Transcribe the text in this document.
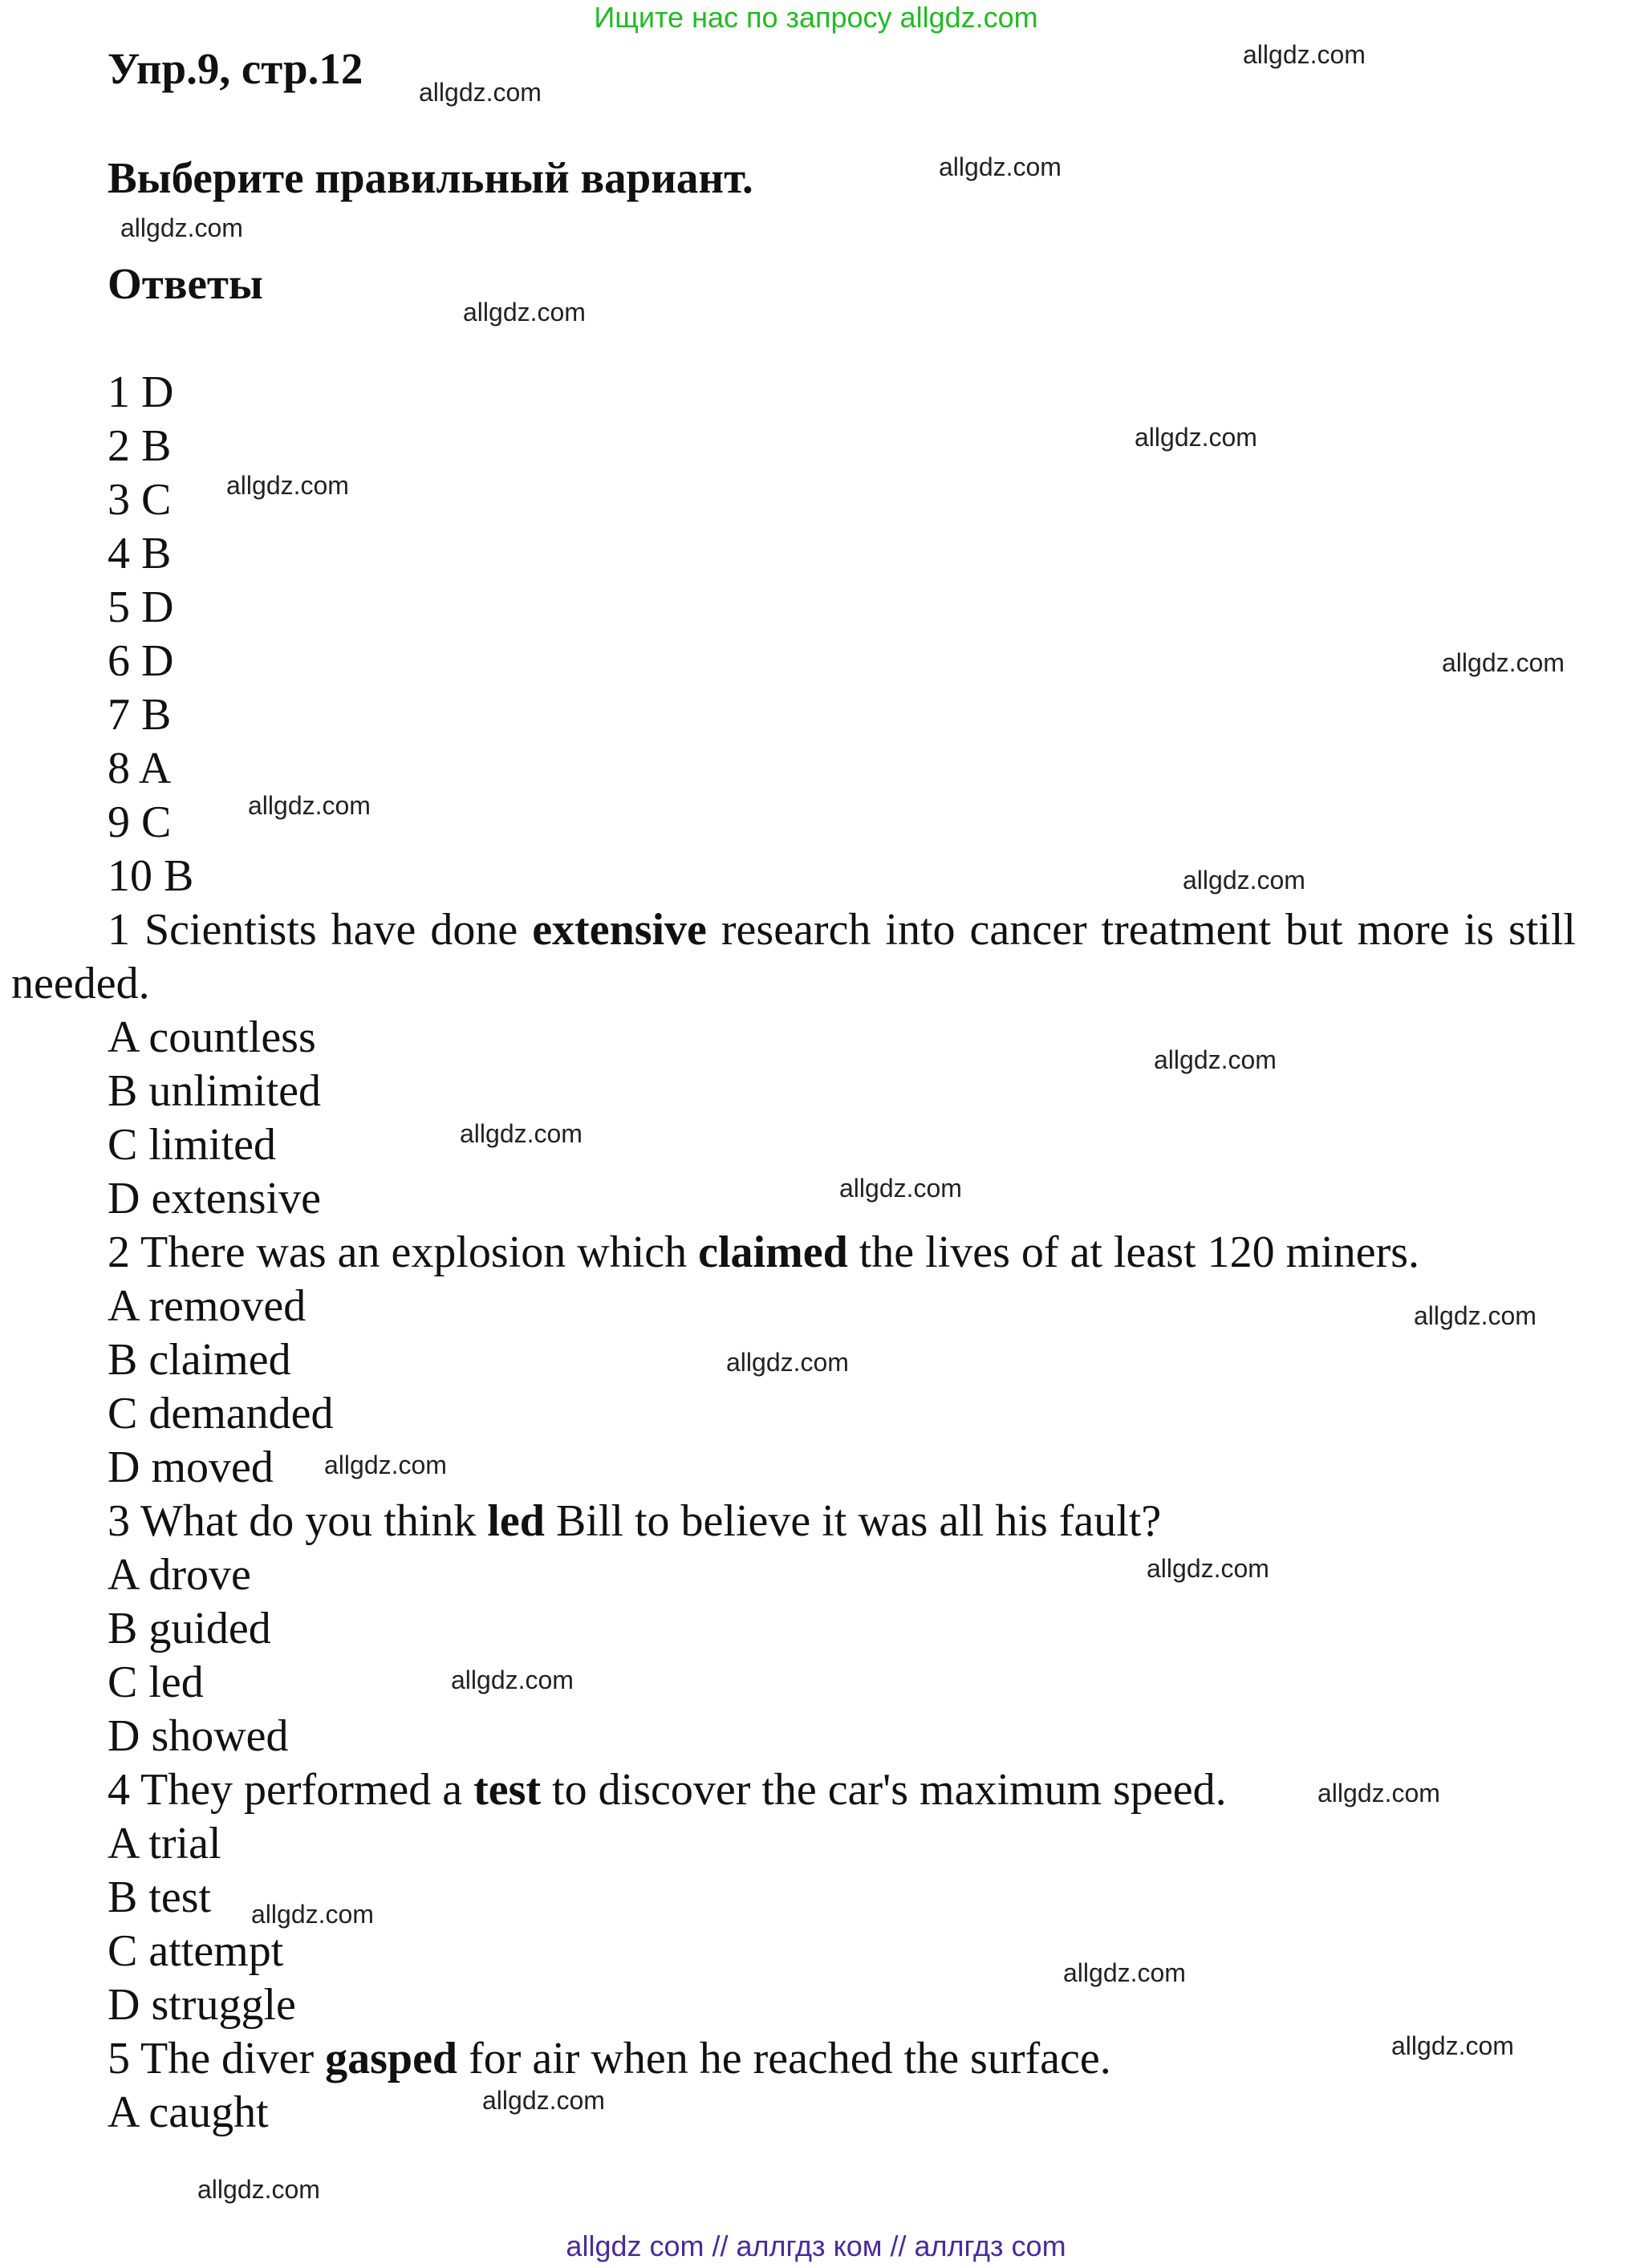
Ищите нас по запросу allgdz.com
Упр.9, стр.12
Выберите правильный вариант.
Ответы
1 D
2 B
3 C
4 B
5 D
6 D
7 B
8 A
9 C
10 B
1 Scientists have done extensive research into cancer treatment but more is still needed.
A countless
B unlimited
C limited
D extensive
2 There was an explosion which claimed the lives of at least 120 miners.
A removed
B claimed
C demanded
D moved
3 What do you think led Bill to believe it was all his fault?
A drove
B guided
C led
D showed
4 They performed a test to discover the car's maximum speed.
A trial
B test
C attempt
D struggle
5 The diver gasped for air when he reached the surface.
A caught
allgdz.com
allgdz.com
allgdz.com
allgdz.com
allgdz.com
allgdz.com
allgdz.com
allgdz.com
allgdz.com
allgdz.com
allgdz.com
allgdz.com
allgdz.com
allgdz.com
allgdz.com
allgdz.com
allgdz.com
allgdz.com
allgdz.com
allgdz.com
allgdz.com
allgdz.com
allgdz.com
allgdz.com
allgdz com // аллгдз ком // аллгдз com
